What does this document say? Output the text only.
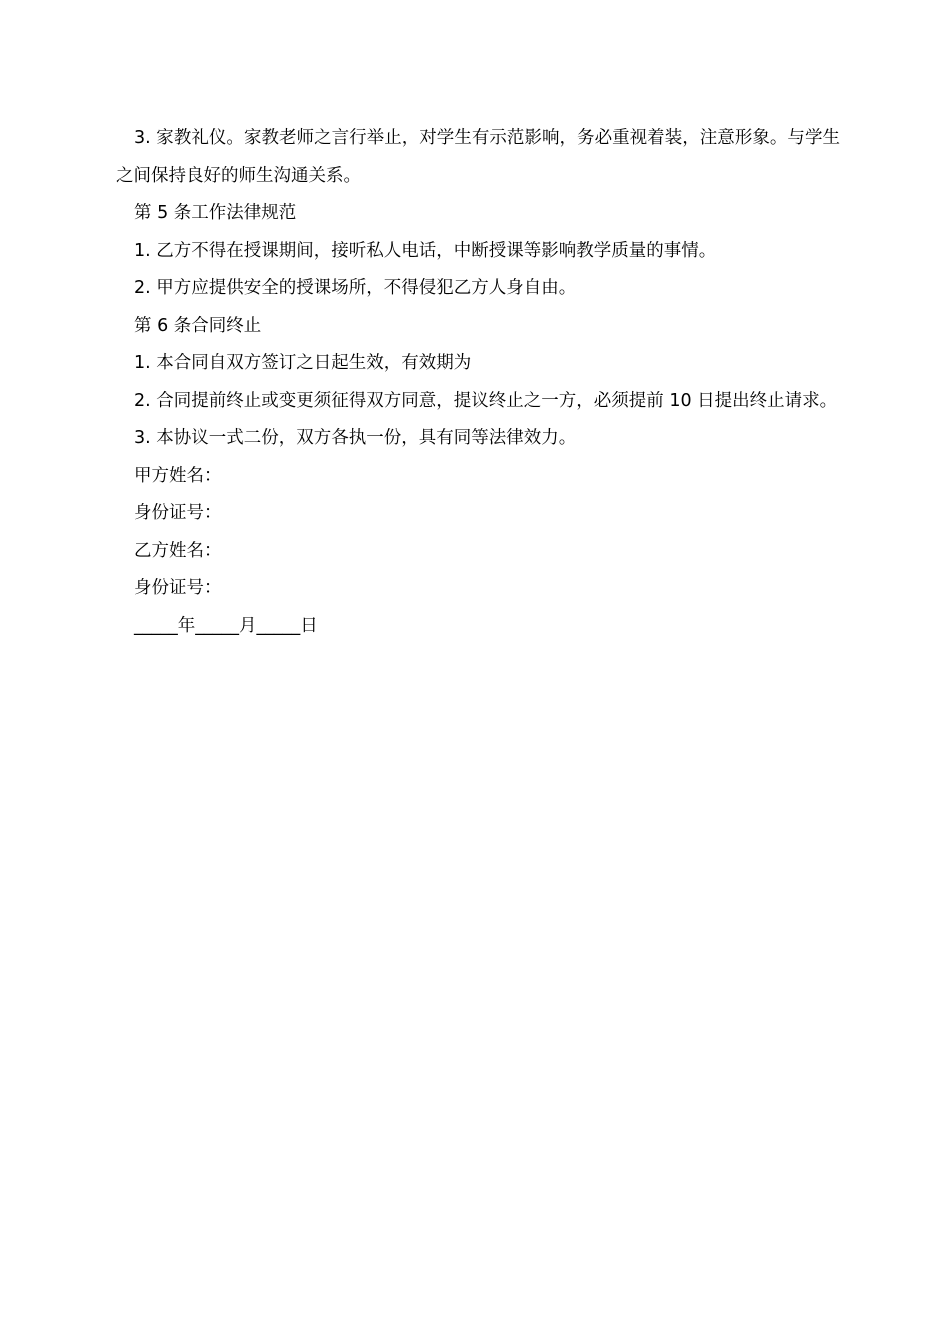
3. 家教礼仪。家教老师之言行举止，对学生有示范影响，务必重视着装，注意形象。与学生之间保持良好的师生沟通关系。

第 5 条工作法律规范

1. 乙方不得在授课期间，接听私人电话，中断授课等影响教学质量的事情。

2. 甲方应提供安全的授课场所，不得侵犯乙方人身自由。

第 6 条合同终止

1. 本合同自双方签订之日起生效，有效期为

2. 合同提前终止或变更须征得双方同意，提议终止之一方，必须提前 10 日提出终止请求。

3. 本协议一式二份，双方各执一份，具有同等法律效力。

甲方姓名：

身份证号：

乙方姓名：

身份证号：

_____年_____月_____日
